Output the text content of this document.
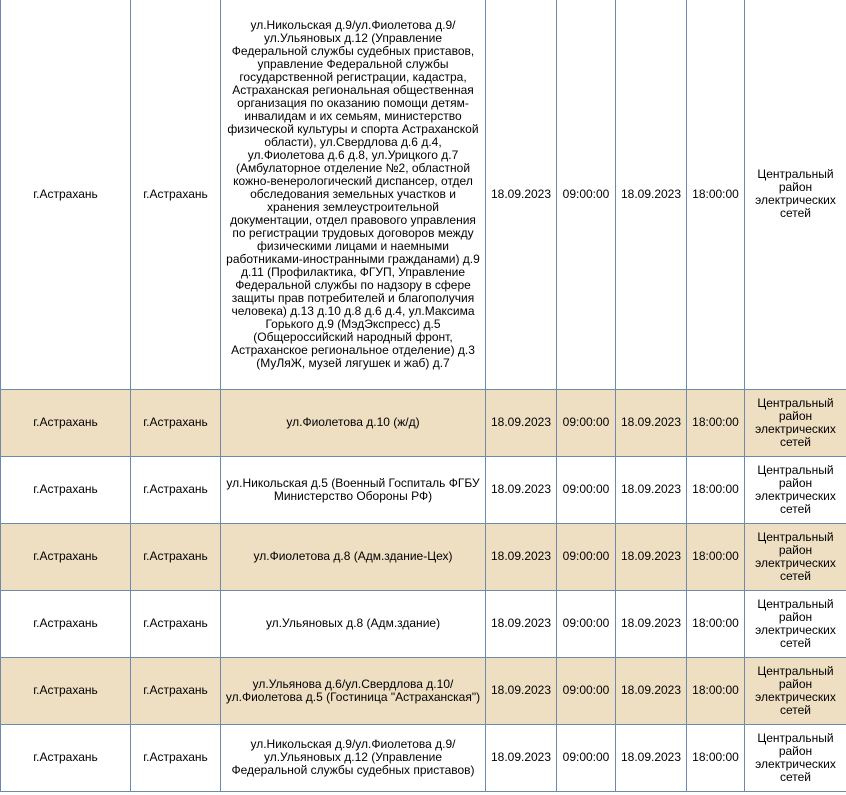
г.Астрахань	г.Астрахань	ул.Никольская д.9/ул.Фиолетова д.9/ ул.Ульяновых д.12 (Управление Федеральной службы судебных приставов, управление Федеральной службы государственной регистрации, кадастра, Астраханская региональная общественная организация по оказанию помощи детям-инвалидам и их семьям, министерство физической культуры и спорта Астраханской области), ул.Свердлова д.6 д.4, ул.Фиолетова д.6 д.8, ул.Урицкого д.7 (Амбулаторное отделение №2, областной кожно-венерологический диспансер, отдел обследования земельных участков и хранения землеустроительной документации, отдел правового управления по регистрации трудовых договоров между физическими лицами и наемными работниками-иностранными гражданами) д.9 д.11 (Профилактика, ФГУП, Управление Федеральной службы по надзору в сфере защиты прав потребителей и благополучия человека) д.13 д.10 д.8 д.6 д.4, ул.Максима Горького д.9 (МэдЭкспресс) д.5 (Общероссийский народный фронт, Астраханское региональное отделение) д.3 (МуЛяЖ, музей лягушек и жаб) д.7	18.09.2023	09:00:00	18.09.2023	18:00:00	Центральный район электрических сетей
г.Астрахань	г.Астрахань	ул.Фиолетова д.10 (ж/д)	18.09.2023	09:00:00	18.09.2023	18:00:00	Центральный район электрических сетей
г.Астрахань	г.Астрахань	ул.Никольская д.5 (Военный Госпиталь ФГБУ Министерство Обороны РФ)	18.09.2023	09:00:00	18.09.2023	18:00:00	Центральный район электрических сетей
г.Астрахань	г.Астрахань	ул.Фиолетова д.8 (Адм.здание-Цех)	18.09.2023	09:00:00	18.09.2023	18:00:00	Центральный район электрических сетей
г.Астрахань	г.Астрахань	ул.Ульяновых д.8 (Адм.здание)	18.09.2023	09:00:00	18.09.2023	18:00:00	Центральный район электрических сетей
г.Астрахань	г.Астрахань	ул.Ульянова д.6/ул.Свердлова д.10/ ул.Фиолетова д.5 (Гостиница "Астраханская")	18.09.2023	09:00:00	18.09.2023	18:00:00	Центральный район электрических сетей
г.Астрахань	г.Астрахань	ул.Никольская д.9/ул.Фиолетова д.9/ ул.Ульяновых д.12 (Управление Федеральной службы судебных приставов)	18.09.2023	09:00:00	18.09.2023	18:00:00	Центральный район электрических сетей
